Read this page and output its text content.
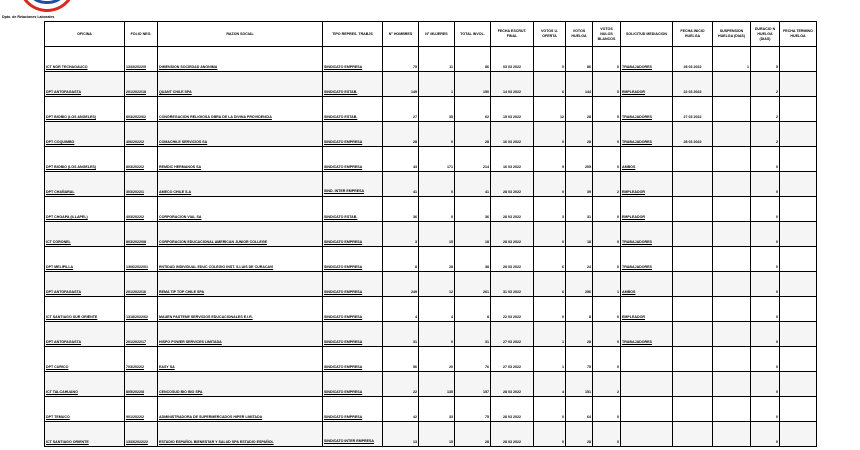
Dpto. de Relaciones Laborales
OFICINA	FOLIO NEG.	RAZON SOCIAL	TIPO REPRES. TRABJS	N° HOMBRES	N° MUJERES	TOTAL INVOL.	FECHA ESCRUT. FINAL	VOTOS U. OFERTA	VOTOS HUELGA	VOTOS NULOS BLANCOS	SOLICITUD MEDIACION	FECHA INICIO HUELGA	SUSPENSION HUELGA (DIAS)	DURACIO N HUELGA (DIAS)	FECHA TERMINO HUELGA
ICT NOR TECHAGAUCO	1333/2022/9	DIMENSION SOCIEDAD ANONIMA	SINDICATO EMPRESA	75	11	86	03 03 2022	0	86	0	TRABAJADORES	28 03 2022	1	5	
DPT ANTOFAGASTA	201/2022/18	QUANT CHILE SPA	SINDICATO ESTAB.	149	1	150	14 03 2022	6	144	0	EMPLEADOR	22 03 2022		2	
DPT BIOBIO (LOS ANGELES)	803/2022/62	CONGREGACION RELIGIOSA OBRA DE LA DIVINA PROVIDENCIA	SINDICATO ESTAB.	27	35	62	15 03 2022	12	28	0	TRABAJADORES	27 03 2022		2	
DPT COQUIMBO	406/2022/2	COMACHILE SERVICIOS SA	SINDICATO EMPRESA	28	0	28	16 03 2022	0	28	0	TRABAJADORES	28 03 2022		2	
DPT BIOBIO (LOS ANGELES)	803/2022/2	REMDIC HERMANOS SA	SINDICATO EMPRESA	43	171	214	16 03 2022	9	205	0	AMBOS			0	
DPT CHAÑARAL	303/2022/1	AMECO CHILE S.A	SIND. INTER EMPRESA	41	0	41	28 03 2022	0	39	2	EMPLEADOR			0	
DPT CHOAPA (ILLAPEL)	403/2022/2	CORPORACION VIAL SA	SINDICATO ESTAB.	36	0	36	28 03 2022	3	31	0	EMPLEADOR			0	
ICT CORONEL	803/2022/08	CORPORACION EDUCACIONAL AMERICAN JUNIOR COLLEGE	SINDICATO EMPRESA	3	15	18	28 03 2022	0	18	0	TRABAJADORES			0	
DPT MELIPILLA	1306/2022/01	ENTIDAD INDIVIDUAL EDUC COLEGIO INST. S.LUIS DE CURACAVI	SINDICATO EMPRESA	8	28	38	28 03 2022	6	24	0	TRABAJADORES			0	
DPT ANTOFAGASTA	201/2022/16	REMA TIP TOP CHILE SPA	SINDICATO EMPRESA	249	12	261	31 03 2022	6	256	1	AMBOS			0	
ICT SANTIAGO SUR ORIENTE	1318/2022/62	MAUEN PASTENE SERVICIOS EDUCACIONALES E.I.R.	SINDICATO EMPRESA	4	4	8	22 03 2022	0	8	0	EMPLEADOR			0	
DPT ANTOFAGASTA	201/2022/17	HISPO POWER SERVICES LIMITADA	SINDICATO EMPRESA	31	0	31	27 03 2022	1	28	0	TRABAJADORES			0	
DPT CURICO	703/2022/2	EASY SA	SINDICATO EMPRESA	56	20	76	27 03 2022	1	75	0				0	
ICT TALCAHUANO	805/2022/8	CENCOSUD BIO BIO SPA	SINDICATO EMPRESA	22	135	157	28 03 2022	4	151	2				0	
DPT TEMUCO	901/2022/2	ADMINISTRADORA DE SUPERMERCADOS HIPER LIMITADA	SINDICATO EMPRESA	42	33	75	28 03 2022	0	64	0				0	
ICT SANTIAGO ORIENTE	1333/2022/22	ESTADIO ESPAÑOL BIENESTAR Y SALUD SPA ESTADIO ESPAÑOL	SINDICATO INTER EMPRESA	13	15	28	28 03 2022	0	28	0				0	
